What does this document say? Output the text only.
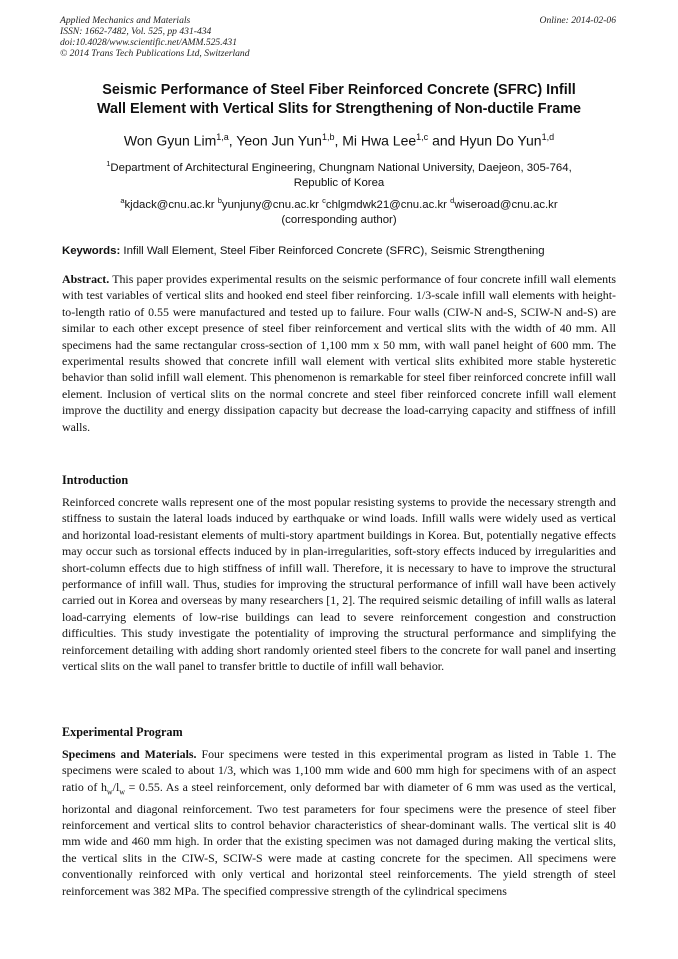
Applied Mechanics and Materials
ISSN: 1662-7482, Vol. 525, pp 431-434
doi:10.4028/www.scientific.net/AMM.525.431
© 2014 Trans Tech Publications Ltd, Switzerland
Online: 2014-02-06
Seismic Performance of Steel Fiber Reinforced Concrete (SFRC) Infill
Wall Element with Vertical Slits for Strengthening of Non-ductile Frame
Won Gyun Lim$^{1,a}$, Yeon Jun Yun$^{1,b}$, Mi Hwa Lee$^{1,c}$ and Hyun Do Yun$^{1,d}$
$^1$Department of Architectural Engineering, Chungnam National University, Daejeon, 305-764,
Republic of Korea
$^a$kjdack@cnu.ac.kr $^b$yunjuny@cnu.ac.kr $^c$chlgmdwk21@cnu.ac.kr $^d$wiseroad@cnu.ac.kr
(corresponding author)
Keywords: Infill Wall Element, Steel Fiber Reinforced Concrete (SFRC), Seismic Strengthening
Abstract. This paper provides experimental results on the seismic performance of four concrete infill wall elements with test variables of vertical slits and hooked end steel fiber reinforcing. 1/3-scale infill wall elements with height-to-length ratio of 0.55 were manufactured and tested up to failure. Four walls (CIW-N and-S, SCIW-N and-S) are similar to each other except presence of steel fiber reinforcement and vertical slits with the width of 40 mm. All specimens had the same rectangular cross-section of 1,100 mm x 50 mm, with wall panel height of 600 mm. The experimental results showed that concrete infill wall element with vertical slits exhibited more stable hysteretic behavior than solid infill wall element. This phenomenon is remarkable for steel fiber reinforced concrete infill wall element. Inclusion of vertical slits on the normal concrete and steel fiber reinforced concrete infill wall element improve the ductility and energy dissipation capacity but decrease the load-carrying capacity and stiffness of infill walls.
Introduction
Reinforced concrete walls represent one of the most popular resisting systems to provide the necessary strength and stiffness to sustain the lateral loads induced by earthquake or wind loads. Infill walls were widely used as vertical and horizontal load-resistant elements of multi-story apartment buildings in Korea. But, potentially negative effects may occur such as torsional effects induced by in plan-irregularities, soft-story effects induced by irregularities and short-column effects due to high stiffness of infill wall. Therefore, it is necessary to have to improve the structural performance of infill wall. Thus, studies for improving the structural performance of infill wall have been actively carried out in Korea and overseas by many researchers [1, 2]. The required seismic detailing of infill walls as lateral load-carrying elements of low-rise buildings can lead to severe reinforcement congestion and construction difficulties. This study investigate the potentiality of improving the structural performance and simplifying the reinforcement detailing with adding short randomly oriented steel fibers to the concrete for wall panel and inserting vertical slits on the wall panel to transfer brittle to ductile of infill wall behavior.
Experimental Program
Specimens and Materials. Four specimens were tested in this experimental program as listed in Table 1. The specimens were scaled to about 1/3, which was 1,100 mm wide and 600 mm high for specimens with of an aspect ratio of $h_w/l_w = 0.55$. As a steel reinforcement, only deformed bar with diameter of 6 mm was used as the vertical, horizontal and diagonal reinforcement. Two test parameters for four specimens were the presence of steel fiber reinforcement and vertical slits to control behavior characteristics of shear-dominant walls. The vertical slit is 40 mm wide and 460 mm high. In order that the existing specimen was not damaged during making the vertical slits, the vertical slits in the CIW-S, SCIW-S were made at casting concrete for the specimen. All specimens were conventionally reinforced with only vertical and horizontal steel reinforcements. The yield strength of steel reinforcement was 382 MPa. The specified compressive strength of the cylindrical specimens
